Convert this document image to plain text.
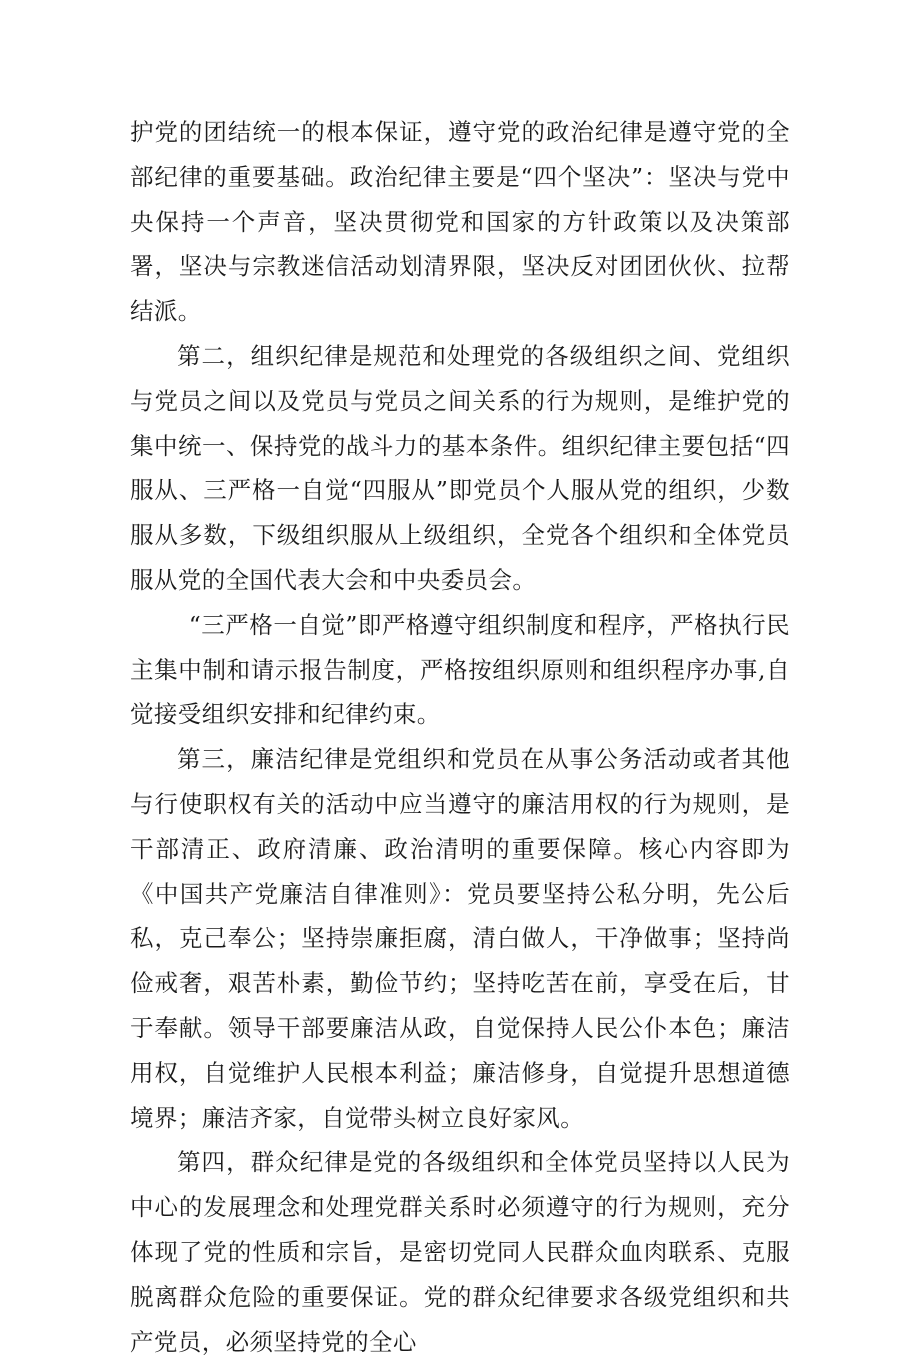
护党的团结统一的根本保证，遵守党的政治纪律是遵守党的全部纪律的重要基础。政治纪律主要是“四个坚决”：坚决与党中央保持一个声音，坚决贯彻党和国家的方针政策以及决策部署，坚决与宗教迷信活动划清界限，坚决反对团团伙伙、拉帮结派。

第二，组织纪律是规范和处理党的各级组织之间、党组织与党员之间以及党员与党员之间关系的行为规则，是维护党的集中统一、保持党的战斗力的基本条件。组织纪律主要包括“四服从、三严格一自觉“四服从”即党员个人服从党的组织，少数服从多数，下级组织服从上级组织，全党各个组织和全体党员服从党的全国代表大会和中央委员会。

“三严格一自觉”即严格遵守组织制度和程序，严格执行民主集中制和请示报告制度，严格按组织原则和组织程序办事,自觉接受组织安排和纪律约束。

第三，廉洁纪律是党组织和党员在从事公务活动或者其他与行使职权有关的活动中应当遵守的廉洁用权的行为规则，是干部清正、政府清廉、政治清明的重要保障。核心内容即为《中国共产党廉洁自律准则》：党员要坚持公私分明，先公后私，克己奉公；坚持崇廉拒腐，清白做人，干净做事；坚持尚俭戒奢，艰苦朴素，勤俭节约；坚持吃苦在前，享受在后，甘于奉献。领导干部要廉洁从政，自觉保持人民公仆本色；廉洁用权，自觉维护人民根本利益；廉洁修身，自觉提升思想道德境界；廉洁齐家，自觉带头树立良好家风。

第四，群众纪律是党的各级组织和全体党员坚持以人民为中心的发展理念和处理党群关系时必须遵守的行为规则，充分体现了党的性质和宗旨，是密切党同人民群众血肉联系、克服脱离群众危险的重要保证。党的群众纪律要求各级党组织和共产党员，必须坚持党的全心
